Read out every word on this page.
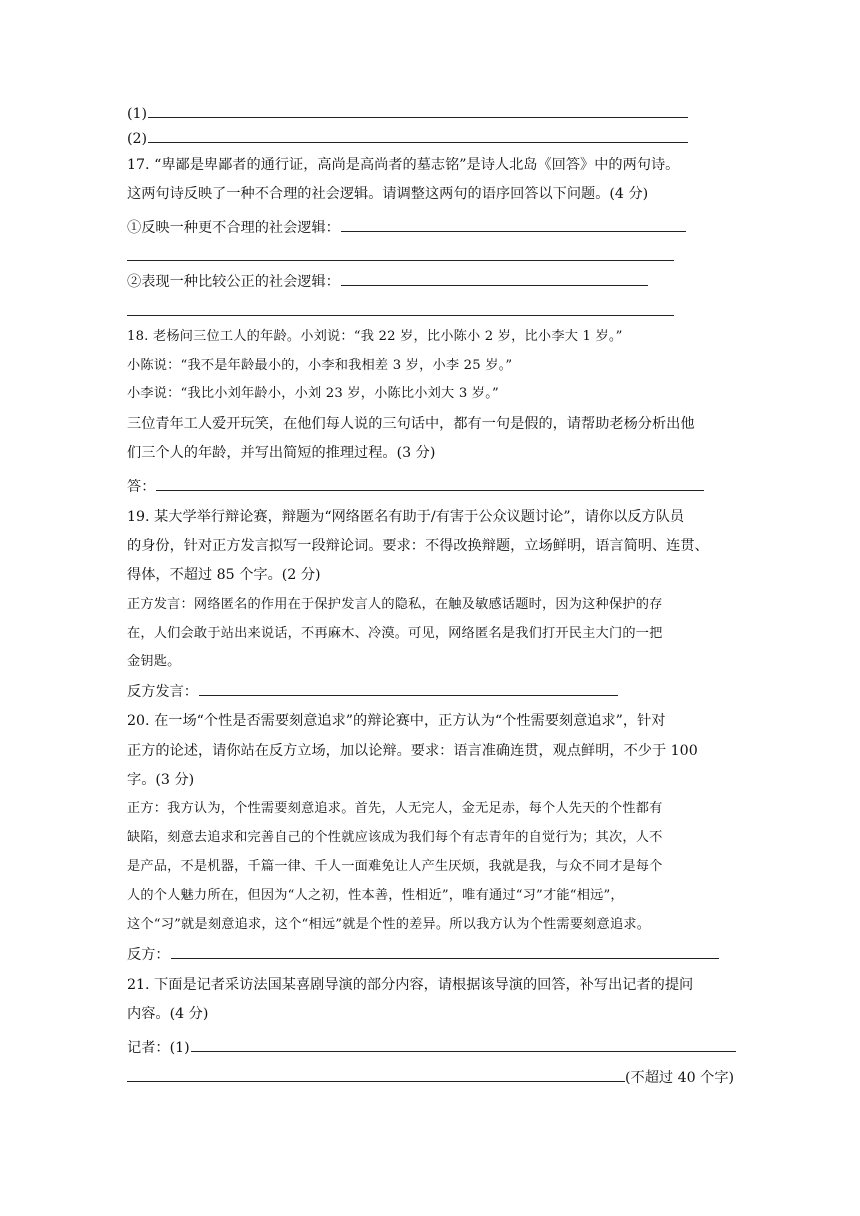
(1)
(2)
17. “卑鄙是卑鄙者的通行证，高尚是高尚者的墓志铭”是诗人北岛《回答》中的两句诗。
这两句诗反映了一种不合理的社会逻辑。请调整这两句的语序回答以下问题。(4 分)
①反映一种更不合理的社会逻辑：
②表现一种比较公正的社会逻辑：
18. 老杨问三位工人的年龄。小刘说：“我 22 岁，比小陈小 2 岁，比小李大 1 岁。”
小陈说：“我不是年龄最小的，小李和我相差 3 岁，小李 25 岁。”
小李说：“我比小刘年龄小，小刘 23 岁，小陈比小刘大 3 岁。”
三位青年工人爱开玩笑，在他们每人说的三句话中，都有一句是假的，请帮助老杨分析出他
们三个人的年龄，并写出简短的推理过程。(3 分)
答：
19. 某大学举行辩论赛，辩题为“网络匿名有助于/有害于公众议题讨论”，请你以反方队员
的身份，针对正方发言拟写一段辩论词。要求：不得改换辩题，立场鲜明，语言简明、连贯、
得体，不超过 85 个字。(2 分)
正方发言：网络匿名的作用在于保护发言人的隐私，在触及敏感话题时，因为这种保护的存
在，人们会敢于站出来说话，不再麻木、冷漠。可见，网络匿名是我们打开民主大门的一把
金钥匙。
反方发言：
20. 在一场“个性是否需要刻意追求”的辩论赛中，正方认为“个性需要刻意追求”，针对
正方的论述，请你站在反方立场，加以论辩。要求：语言准确连贯，观点鲜明，不少于 100
字。(3 分)
正方：我方认为，个性需要刻意追求。首先，人无完人，金无足赤，每个人先天的个性都有
缺陷，刻意去追求和完善自己的个性就应该成为我们每个有志青年的自觉行为；其次，人不
是产品，不是机器，千篇一律、千人一面难免让人产生厌烦，我就是我，与众不同才是每个
人的个人魅力所在，但因为“人之初，性本善，性相近”，唯有通过“习”才能“相远”，
这个“习”就是刻意追求，这个“相远”就是个性的差异。所以我方认为个性需要刻意追求。
反方：
21. 下面是记者采访法国某喜剧导演的部分内容，请根据该导演的回答，补写出记者的提问
内容。(4 分)
记者：(1)
(不超过 40 个字)
